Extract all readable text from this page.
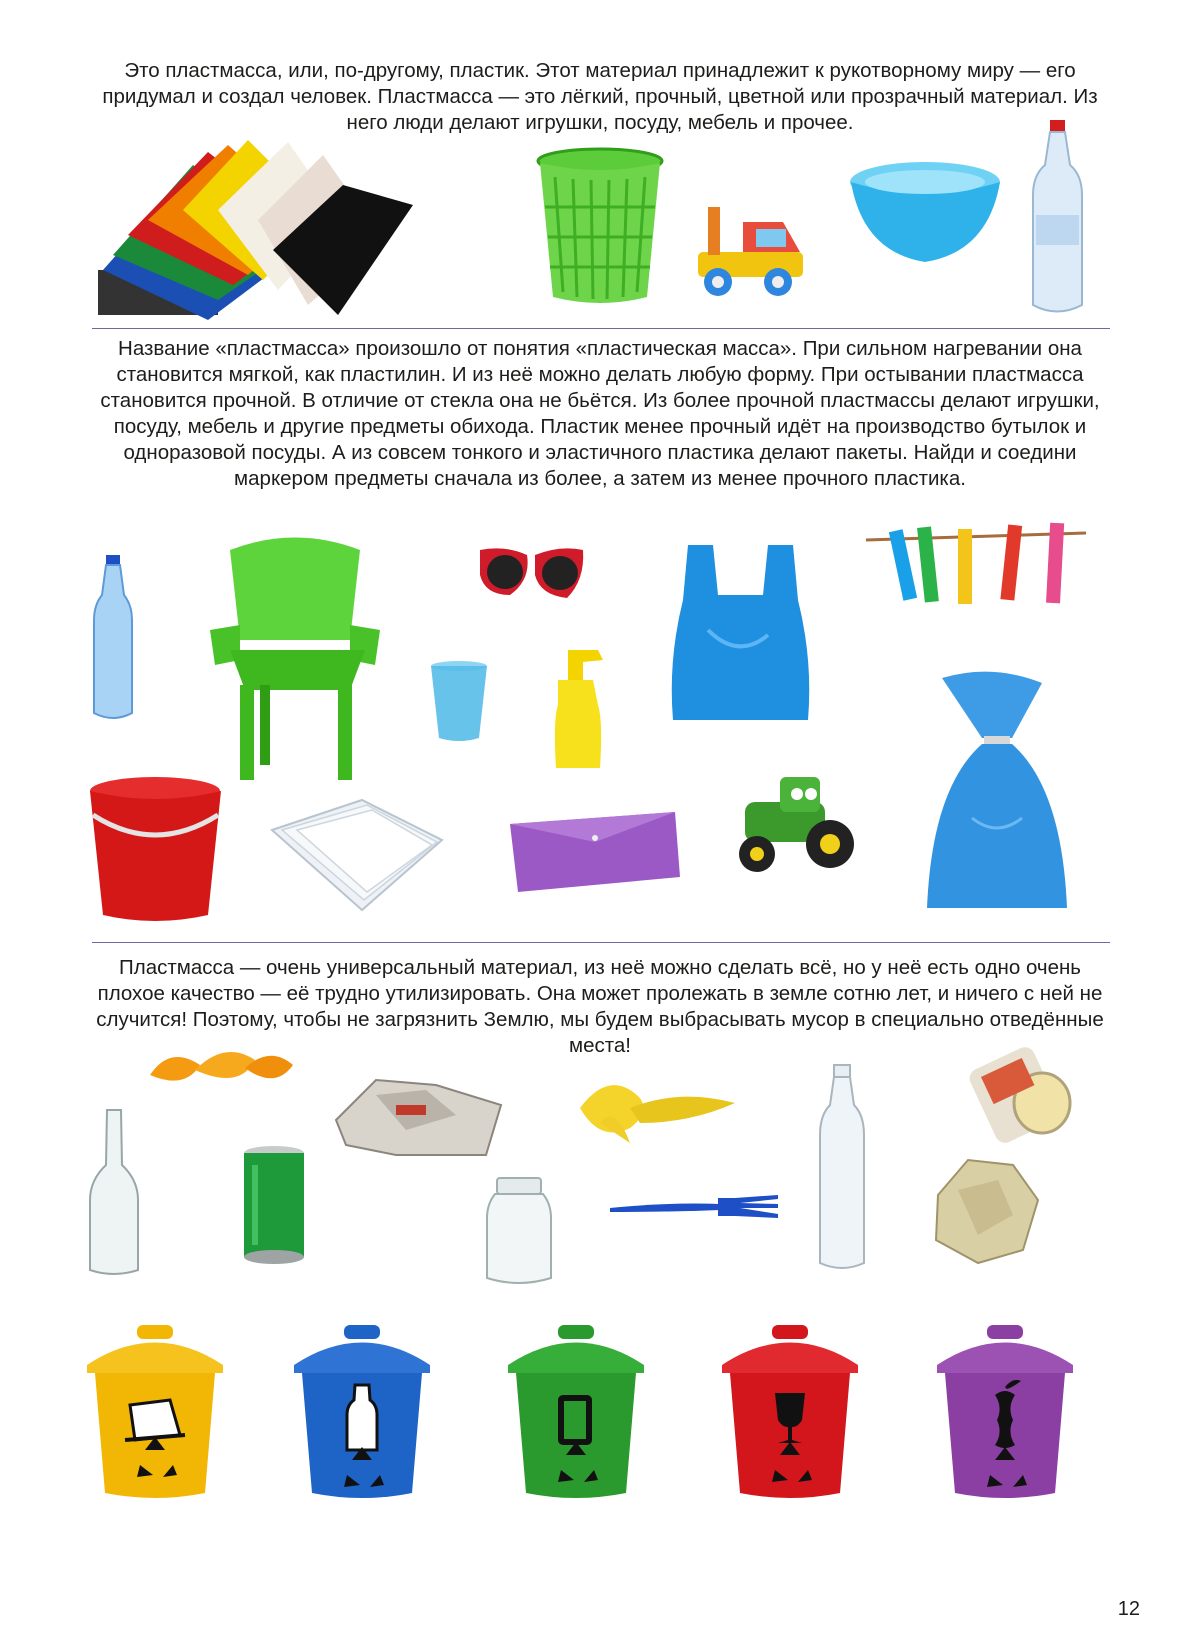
Это пластмасса, или, по-другому, пластик. Этот материал принадлежит к рукотворному миру — его придумал и создал человек. Пластмасса — это лёгкий, прочный, цветной или прозрачный материал. Из него люди делают игрушки, посуду, мебель и прочее.

Название «пластмасса» произошло от понятия «пластическая масса». При сильном нагревании она становится мягкой, как пластилин. И из неё можно делать любую форму. При остывании пластмасса становится прочной. В отличие от стекла она не бьётся. Из более прочной пластмассы делают игрушки, посуду, мебель и другие предметы обихода. Пластик менее прочный идёт на производство бутылок и одноразовой посуды. А из совсем тонкого и эластичного пластика делают пакеты. Найди и соедини маркером предметы сначала из более, а затем из менее прочного пластика.

Пластмасса — очень универсальный материал, из неё можно сделать всё, но у неё есть одно очень плохое качество — её трудно утилизировать. Она может пролежать в земле сотню лет, и ничего с ней не случится! Поэтому, чтобы не загрязнить Землю, мы будем выбрасывать мусор в специально отведённые места!

12
